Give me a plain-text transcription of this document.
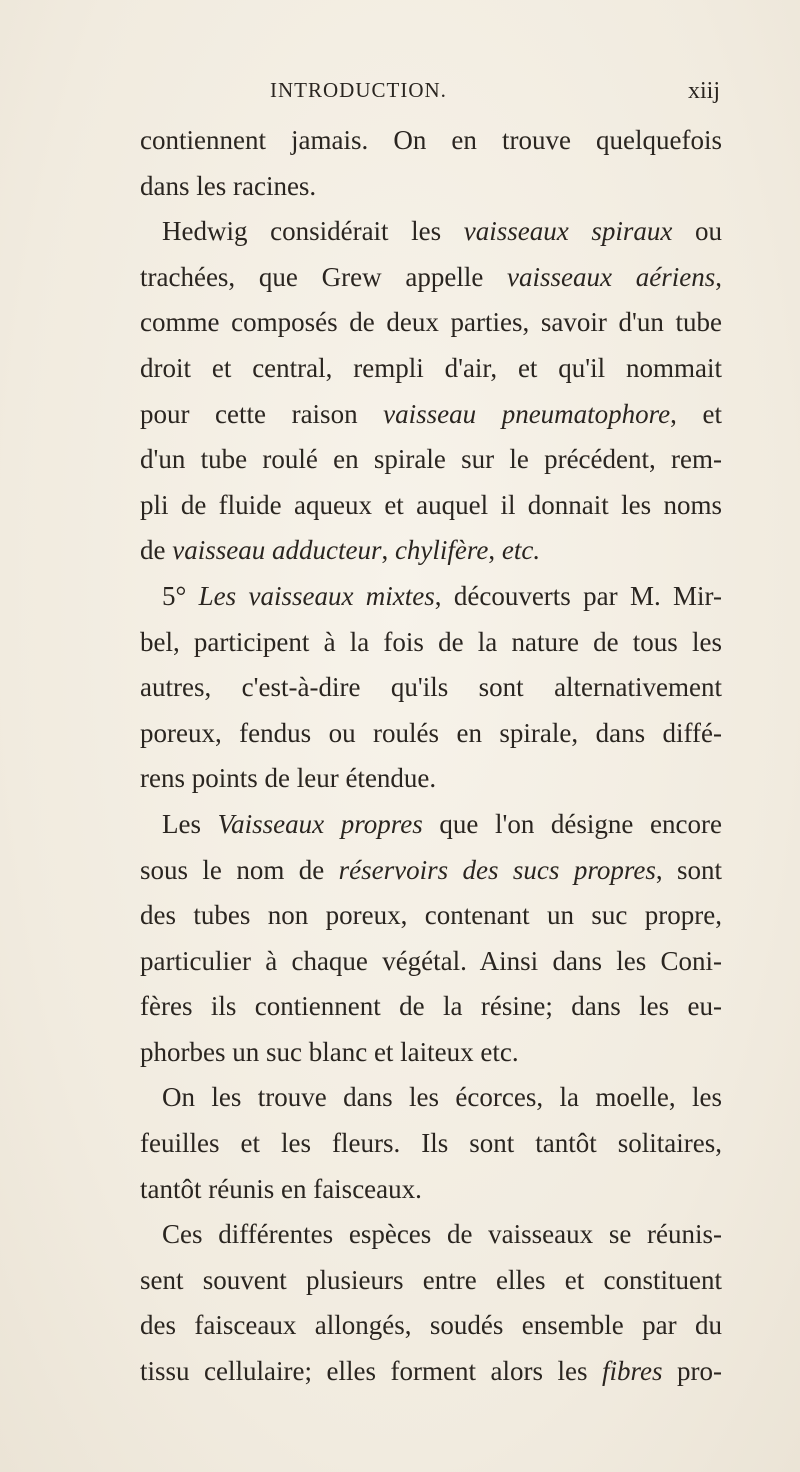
INTRODUCTION.	xiij

contiennent jamais. On en trouve quelquefois

dans les racines.

Hedwig considérait les vaisseaux spiraux ou

trachées, que Grew appelle vaisseaux aériens,

comme composés de deux parties, savoir d'un tube

droit et central, rempli d'air, et qu'il nommait

pour cette raison vaisseau pneumatophore, et

d'un tube roulé en spirale sur le précédent, rem-

pli de fluide aqueux et auquel il donnait les noms

de vaisseau adducteur, chylifère, etc.

5° Les vaisseaux mixtes, découverts par M. Mir-

bel, participent à la fois de la nature de tous les

autres, c'est-à-dire qu'ils sont alternativement

poreux, fendus ou roulés en spirale, dans diffé-

rens points de leur étendue.

Les Vaisseaux propres que l'on désigne encore

sous le nom de réservoirs des sucs propres, sont

des tubes non poreux, contenant un suc propre,

particulier à chaque végétal. Ainsi dans les Coni-

fères ils contiennent de la résine; dans les eu-

phorbes un suc blanc et laiteux etc.

On les trouve dans les écorces, la moelle, les

feuilles et les fleurs. Ils sont tantôt solitaires,

tantôt réunis en faisceaux.

Ces différentes espèces de vaisseaux se réunis-

sent souvent plusieurs entre elles et constituent

des faisceaux allongés, soudés ensemble par du

tissu cellulaire; elles forment alors les fibres pro-
